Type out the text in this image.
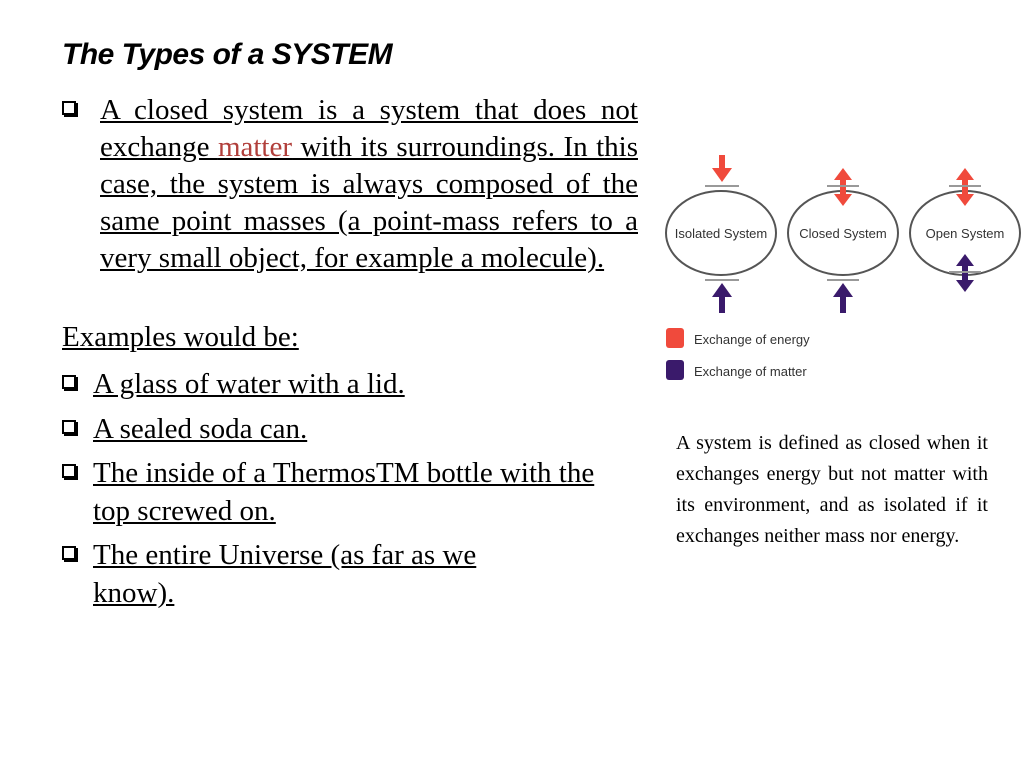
The Types of a SYSTEM
A closed system is a system that does not exchange matter with its surroundings. In this case, the system is always composed of the same point masses (a point-mass refers to a very small object, for example a molecule).
Examples would be:
A glass of water with a lid.
A sealed soda can.
The inside of a ThermosTM bottle with the top screwed on.
The entire Universe (as far as we know).
Isolated System Closed System	Open System
Exchange of energy
Exchange of matter
A system is defined as closed when it exchanges energy but not matter with its environment, and as isolated if it exchanges neither mass nor energy.
